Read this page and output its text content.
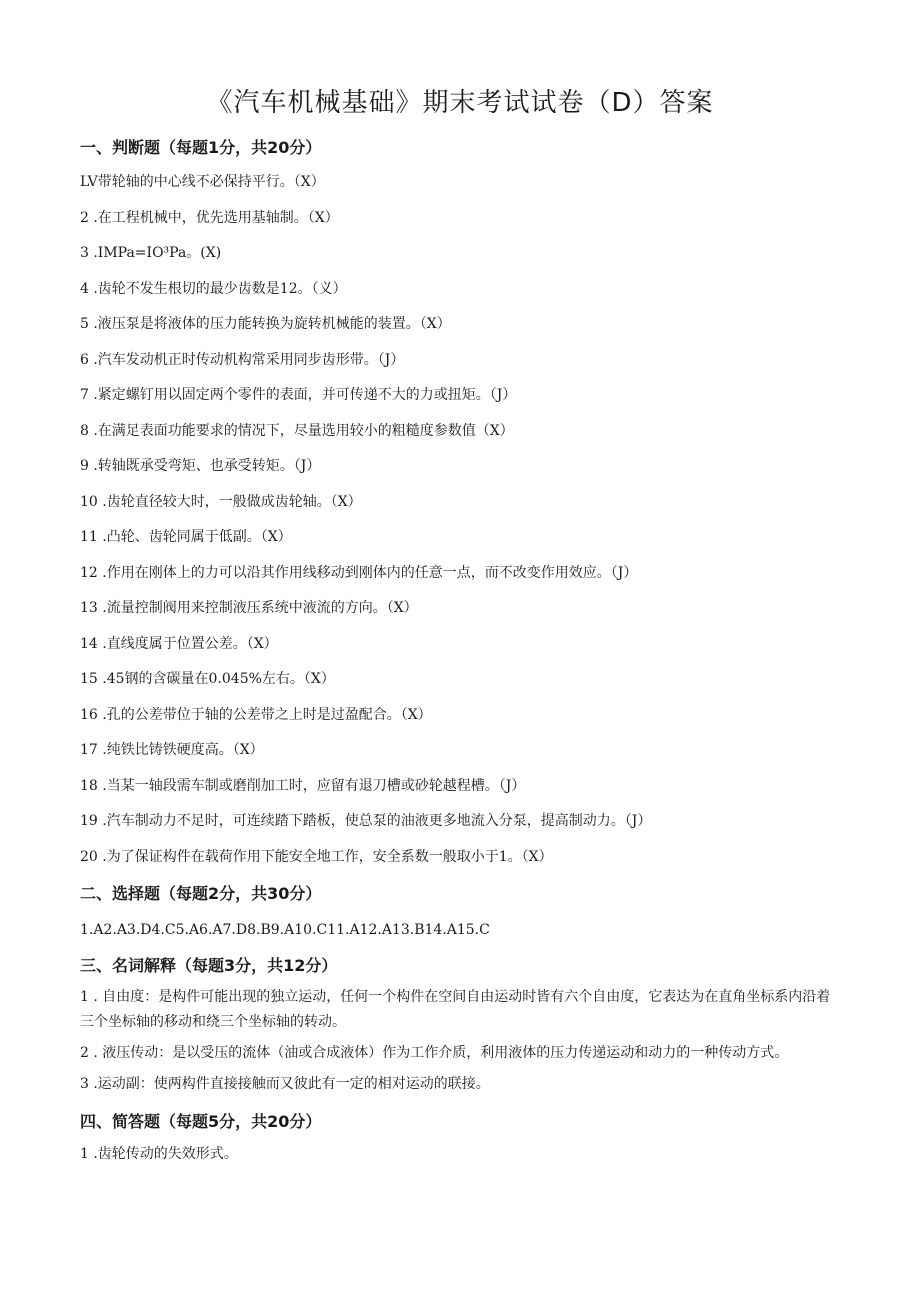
《汽车机械基础》期末考试试卷（D）答案
一、判断题（每题1分，共20分）
LV带轮轴的中心线不必保持平行。（X）
2 .在工程机械中，优先选用基轴制。（X）
3 .IMPa=IO³Pa。(X)
4 .齿轮不发生根切的最少齿数是12。（义）
5 .液压泵是将液体的压力能转换为旋转机械能的装置。（X）
6 .汽车发动机正时传动机构常采用同步齿形带。（J）
7 .紧定螺钉用以固定两个零件的表面，并可传递不大的力或扭矩。（J）
8 .在满足表面功能要求的情况下，尽量选用较小的粗糙度参数值（X）
9 .转轴既承受弯矩、也承受转矩。（J）
10 .齿轮直径较大时，一般做成齿轮轴。（X）
11 .凸轮、齿轮同属于低副。（X）
12 .作用在刚体上的力可以沿其作用线移动到刚体内的任意一点，而不改变作用效应。（J）
13 .流量控制阀用来控制液压系统中液流的方向。（X）
14 .直线度属于位置公差。（X）
15 .45钢的含碳量在0.045%左右。（X）
16 .孔的公差带位于轴的公差带之上时是过盈配合。（X）
17 .纯铁比铸铁硬度高。（X）
18 .当某一轴段需车制或磨削加工时，应留有退刀槽或砂轮越程槽。（J）
19 .汽车制动力不足时，可连续踏下踏板，使总泵的油液更多地流入分泵，提高制动力。（J）
20 .为了保证构件在载荷作用下能安全地工作，安全系数一般取小于1。（X）
二、选择题（每题2分，共30分）
1.A2.A3.D4.C5.A6.A7.D8.B9.A10.C11.A12.A13.B14.A15.C
三、名词解释（每题3分，共12分）
1 . 自由度：是构件可能出现的独立运动，任何一个构件在空间自由运动时皆有六个自由度，它表达为在直角坐标系内沿着三个坐标轴的移动和绕三个坐标轴的转动。
2 . 液压传动：是以受压的流体（油或合成液体）作为工作介质，利用液体的压力传递运动和动力的一种传动方式。
3 .运动副：使两构件直接接触而又彼此有一定的相对运动的联接。
四、简答题（每题5分，共20分）
1 .齿轮传动的失效形式。
